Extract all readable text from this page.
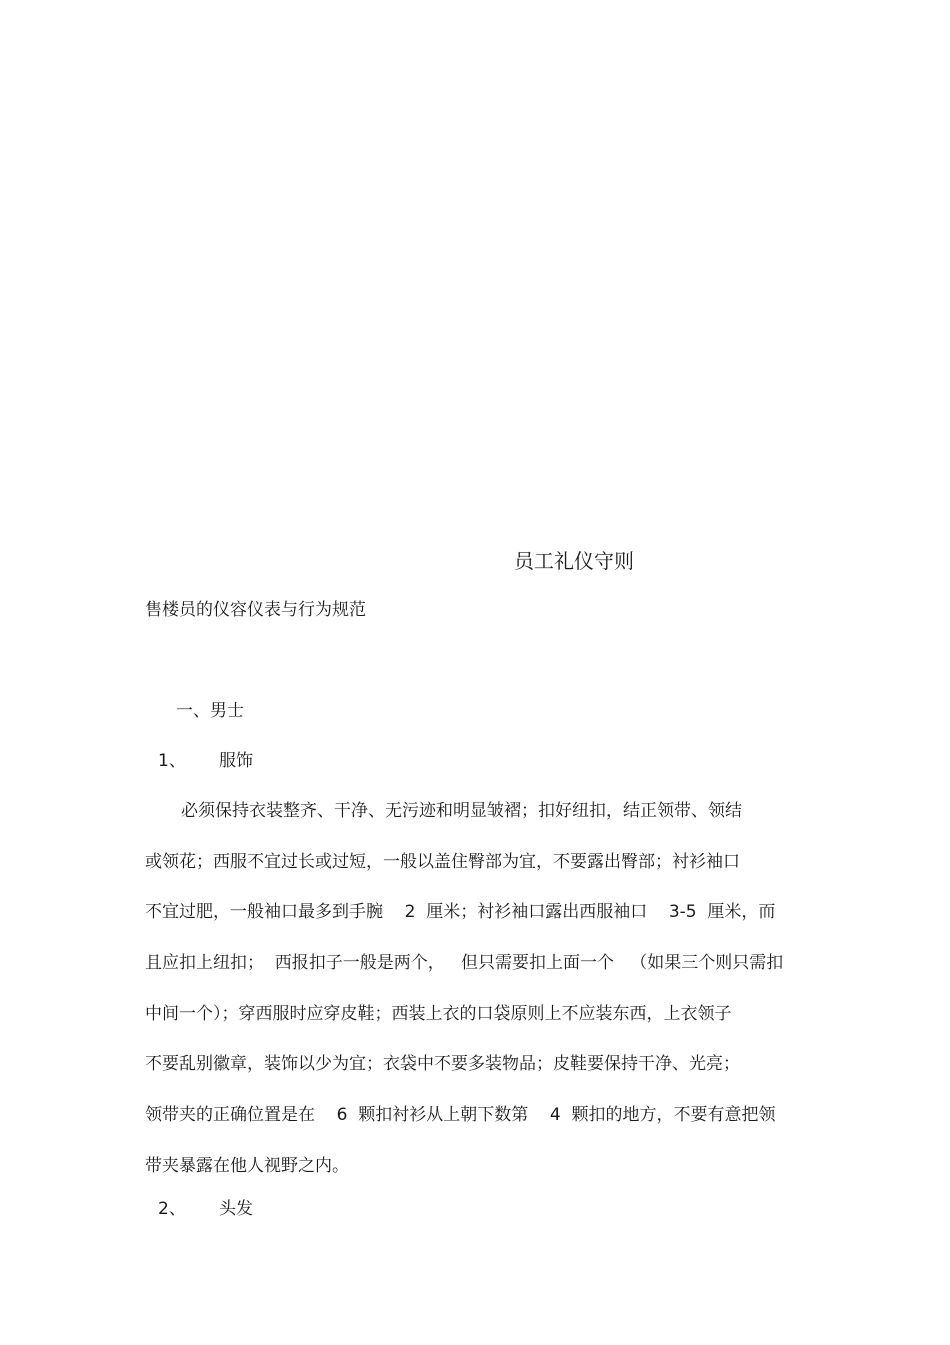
员工礼仪守则
售楼员的仪容仪表与行为规范
一、男士
1、 服饰
必须保持衣装整齐、干净、无污迹和明显皱褶；扣好纽扣，结正领带、领结
或领花；西服不宜过长或过短，一般以盖住臀部为宜，不要露出臀部；衬衫袖口
不宜过肥，一般袖口最多到手腕    2  厘米；衬衫袖口露出西服袖口    3-5  厘米，而
且应扣上纽扣；  西报扣子一般是两个，   但只需要扣上面一个   （如果三个则只需扣
中间一个）；穿西服时应穿皮鞋；西装上衣的口袋原则上不应装东西，上衣领子
不要乱别徽章，装饰以少为宜；衣袋中不要多装物品；皮鞋要保持干净、光亮；
领带夹的正确位置是在    6  颗扣衬衫从上朝下数第    4  颗扣的地方，不要有意把领
带夹暴露在他人视野之内。
2、 头发
